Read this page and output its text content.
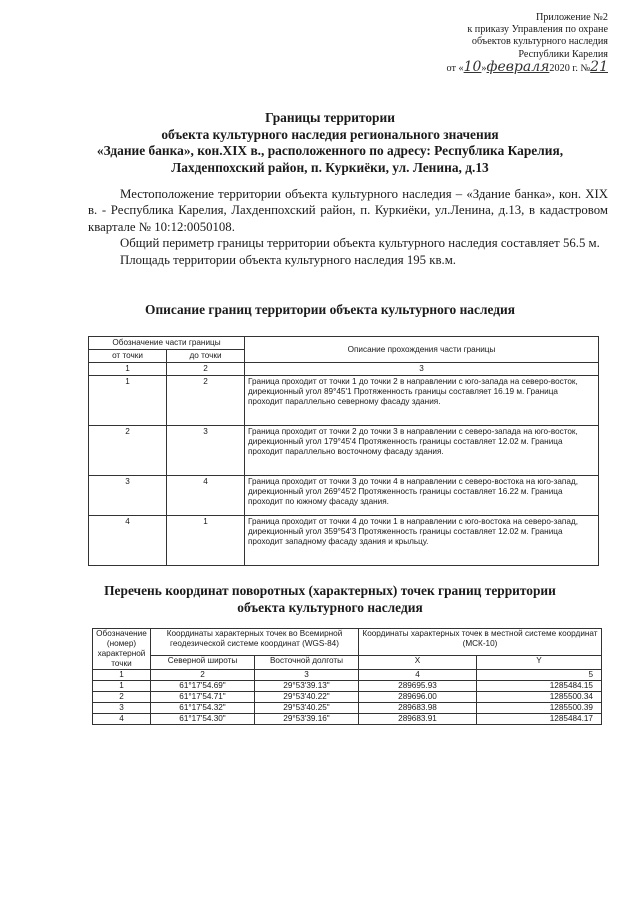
Приложение №2
к приказу Управления по охране
объектов культурного наследия
Республики Карелия
от «10»февраля2020 г. №21
Границы территории
объекта культурного наследия регионального значения
«Здание банка», кон.XIX в., расположенного по адресу: Республика Карелия,
Лахденпохский район, п. Куркиёки, ул. Ленина, д.13

Местоположение территории объекта культурного наследия – «Здание банка», кон. XIX в. - Республика Карелия, Лахденпохский район, п. Куркиёки, ул.Ленина, д.13, в кадастровом квартале № 10:12:0050108.

Общий периметр границы территории объекта культурного наследия составляет 56.5 м.

Площадь территории объекта культурного наследия 195 кв.м.

Описание границ территории объекта культурного наследия
Обозначение части границы		Описание прохождения части границы
от точки	до точки	
1	2	3
1	2	Граница проходит от точки 1 до точки 2 в направлении с юго-запада на северо-восток, дирекционный угол 89°45'1 Протяженность границы составляет 16.19 м. Граница проходит параллельно северному фасаду здания.
2	3	Граница проходит от точки 2 до точки 3 в направлении с северо-запада на юго-восток, дирекционный угол 179°45'4 Протяженность границы составляет 12.02 м. Граница проходит параллельно восточному фасаду здания.
3	4	Граница проходит от точки 3 до точки 4 в направлении с северо-востока на юго-запад, дирекционный угол 269°45'2 Протяженность границы составляет 16.22 м. Граница проходит по южному фасаду здания.
4	1	Граница проходит от точки 4 до точки 1 в направлении с юго-востока на северо-запад, дирекционный угол 359°54'3 Протяженность границы составляет 12.02 м. Граница проходит западному фасаду здания и крыльцу.
Перечень координат поворотных (характерных) точек границ территории
объекта культурного наследия
Обозначение (номер) характерной точки	Координаты характерных точек во Всемирной геодезической системе координат (WGS-84)		Координаты характерных точек в местной системе координат (МСК-10)	
	Северной широты	Восточной долготы	X	Y
1	2	3	4	5
1	61°17'54.69"	29°53'39.13"	289695.93	1285484.15
2	61°17'54.71"	29°53'40.22"	289696.00	1285500.34
3	61°17'54.32"	29°53'40.25"	289683.98	1285500.39
4	61°17'54.30"	29°53'39.16"	289683.91	1285484.17
